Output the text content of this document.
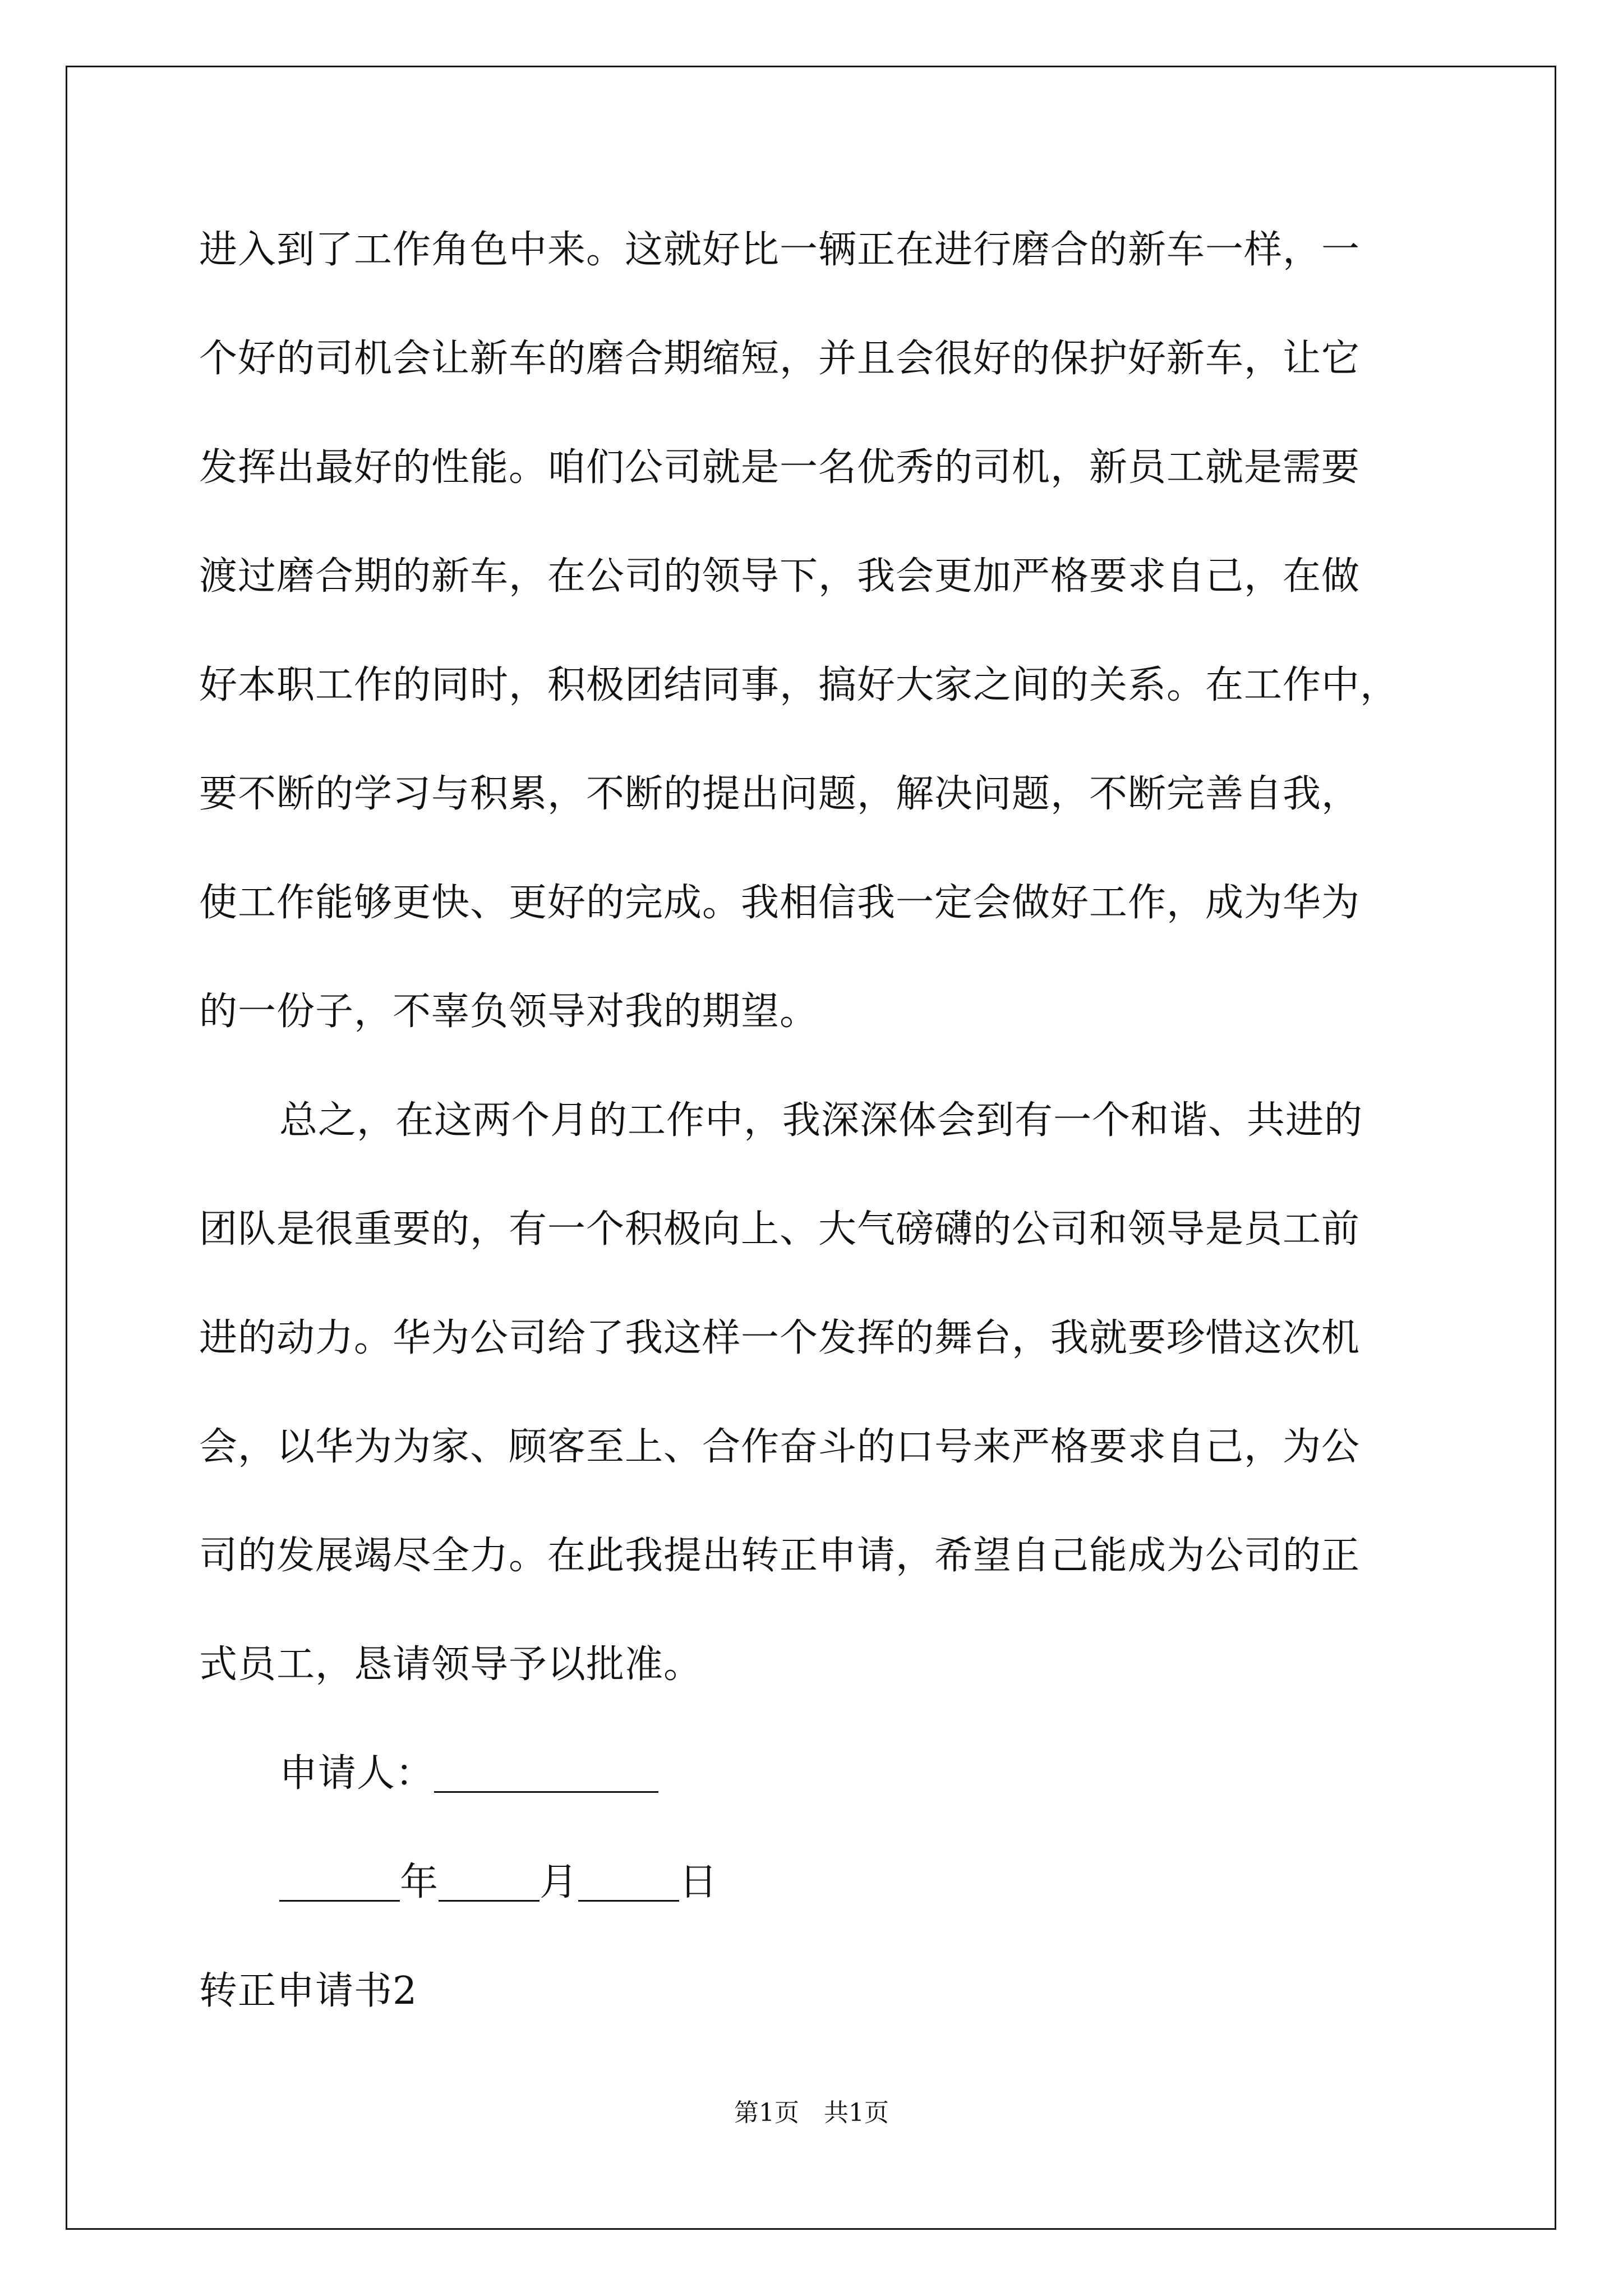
进入到了工作角色中来。这就好比一辆正在进行磨合的新车一样，一
个好的司机会让新车的磨合期缩短，并且会很好的保护好新车，让它
发挥出最好的性能。咱们公司就是一名优秀的司机，新员工就是需要
渡过磨合期的新车，在公司的领导下，我会更加严格要求自己，在做
好本职工作的同时，积极团结同事，搞好大家之间的关系。在工作中，
要不断的学习与积累，不断的提出问题，解决问题，不断完善自我，
使工作能够更快、更好的完成。我相信我一定会做好工作，成为华为
的一份子，不辜负领导对我的期望。
总之，在这两个月的工作中，我深深体会到有一个和谐、共进的
团队是很重要的，有一个积极向上、大气磅礴的公司和领导是员工前
进的动力。华为公司给了我这样一个发挥的舞台，我就要珍惜这次机
会，以华为为家、顾客至上、合作奋斗的口号来严格要求自己，为公
司的发展竭尽全力。在此我提出转正申请，希望自己能成为公司的正
式员工，恳请领导予以批准。
申请人：
年	月	日
转正申请书2
第1页　共1页
